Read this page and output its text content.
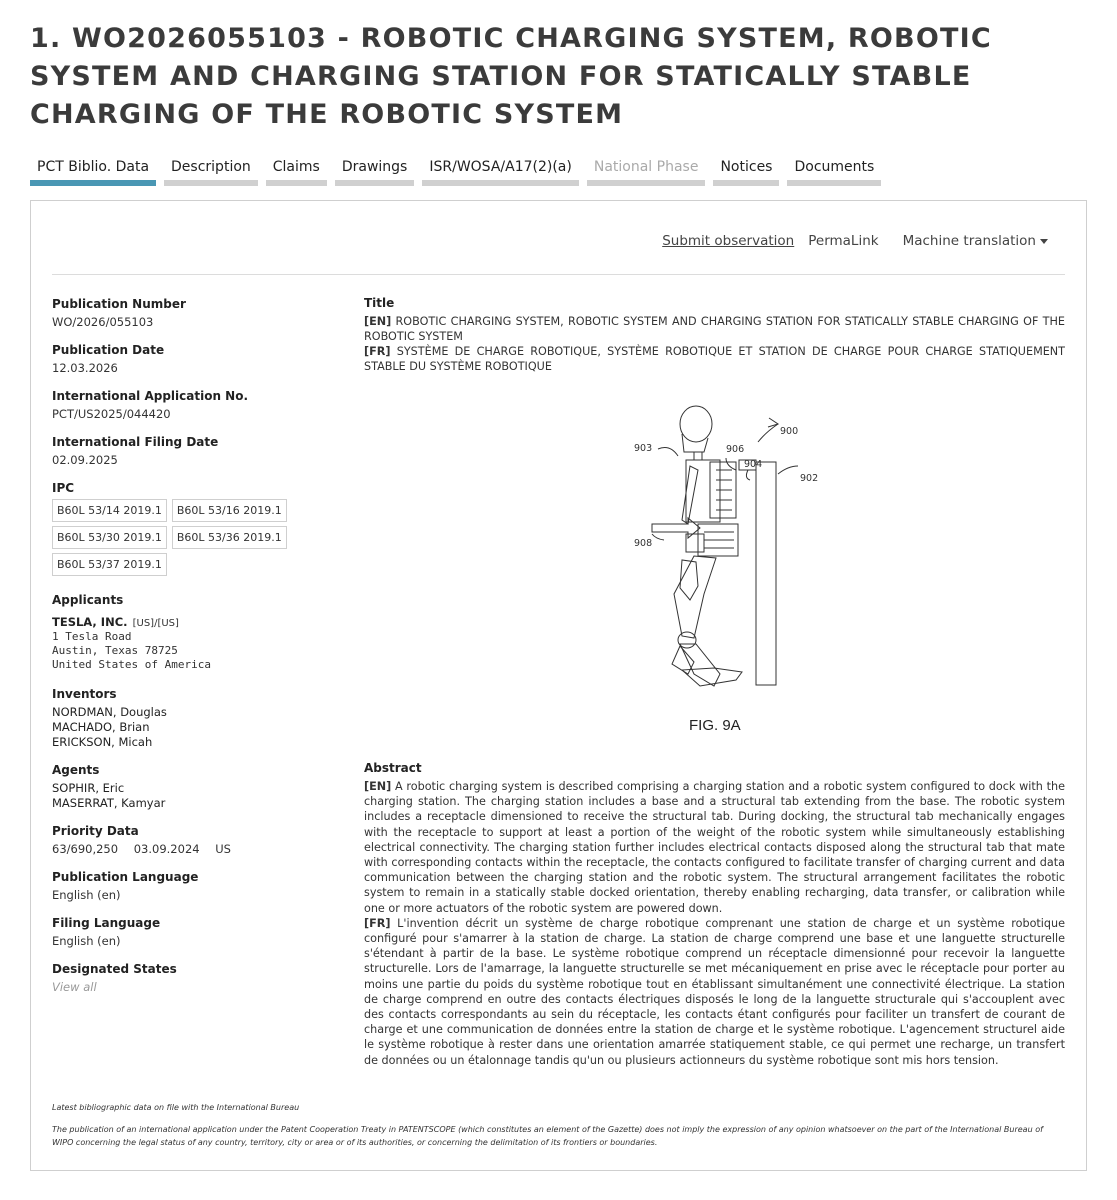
1. WO2026055103 - ROBOTIC CHARGING SYSTEM, ROBOTIC SYSTEM AND CHARGING STATION FOR STATICALLY STABLE CHARGING OF THE ROBOTIC SYSTEM
PCT Biblio. Data	Description	Claims	Drawings	ISR/WOSA/A17(2)(a)	National Phase	Notices	Documents
Submit observation PermaLink Machine translation
Publication Number
WO/2026/055103
Publication Date
12.03.2026
International Application No.
PCT/US2025/044420
International Filing Date
02.09.2025
IPC
B60L 53/14 2019.1	B60L 53/16 2019.1
B60L 53/30 2019.1	B60L 53/36 2019.1
B60L 53/37 2019.1
Applicants
TESLA, INC. [US]/[US]
1 Tesla Road
Austin, Texas 78725
United States of America
Inventors
NORDMAN, Douglas
MACHADO, Brian
ERICKSON, Micah
Agents
SOPHIR, Eric
MASERRAT, Kamyar
Priority Data
63/690,250 03.09.2024 US
Publication Language
English (en)
Filing Language
English (en)
Designated States
View all
Title
[EN] ROBOTIC CHARGING SYSTEM, ROBOTIC SYSTEM AND CHARGING STATION FOR STATICALLY STABLE CHARGING OF THE ROBOTIC SYSTEM
[FR] SYSTÈME DE CHARGE ROBOTIQUE, SYSTÈME ROBOTIQUE ET STATION DE CHARGE POUR CHARGE STATIQUEMENT STABLE DU SYSTÈME ROBOTIQUE
903	906
904
900
902
908
FIG. 9A
Abstract
[EN] A robotic charging system is described comprising a charging station and a robotic system configured to dock with the charging station. The charging station includes a base and a structural tab extending from the base. The robotic system includes a receptacle dimensioned to receive the structural tab. During docking, the structural tab mechanically engages with the receptacle to support at least a portion of the weight of the robotic system while simultaneously establishing electrical connectivity. The charging station further includes electrical contacts disposed along the structural tab that mate with corresponding contacts within the receptacle, the contacts configured to facilitate transfer of charging current and data communication between the charging station and the robotic system. The structural arrangement facilitates the robotic system to remain in a statically stable docked orientation, thereby enabling recharging, data transfer, or calibration while one or more actuators of the robotic system are powered down.
[FR] L'invention décrit un système de charge robotique comprenant une station de charge et un système robotique configuré pour s'amarrer à la station de charge. La station de charge comprend une base et une languette structurelle s'étendant à partir de la base. Le système robotique comprend un réceptacle dimensionné pour recevoir la languette structurelle. Lors de l'amarrage, la languette structurelle se met mécaniquement en prise avec le réceptacle pour porter au moins une partie du poids du système robotique tout en établissant simultanément une connectivité électrique. La station de charge comprend en outre des contacts électriques disposés le long de la languette structurale qui s'accouplent avec des contacts correspondants au sein du réceptacle, les contacts étant configurés pour faciliter un transfert de courant de charge et une communication de données entre la station de charge et le système robotique. L'agencement structurel aide le système robotique à rester dans une orientation amarrée statiquement stable, ce qui permet une recharge, un transfert de données ou un étalonnage tandis qu'un ou plusieurs actionneurs du système robotique sont mis hors tension.
Latest bibliographic data on file with the International Bureau
The publication of an international application under the Patent Cooperation Treaty in PATENTSCOPE (which constitutes an element of the Gazette) does not imply the expression of any opinion whatsoever on the part of the International Bureau of WIPO concerning the legal status of any country, territory, city or area or of its authorities, or concerning the delimitation of its frontiers or boundaries.
